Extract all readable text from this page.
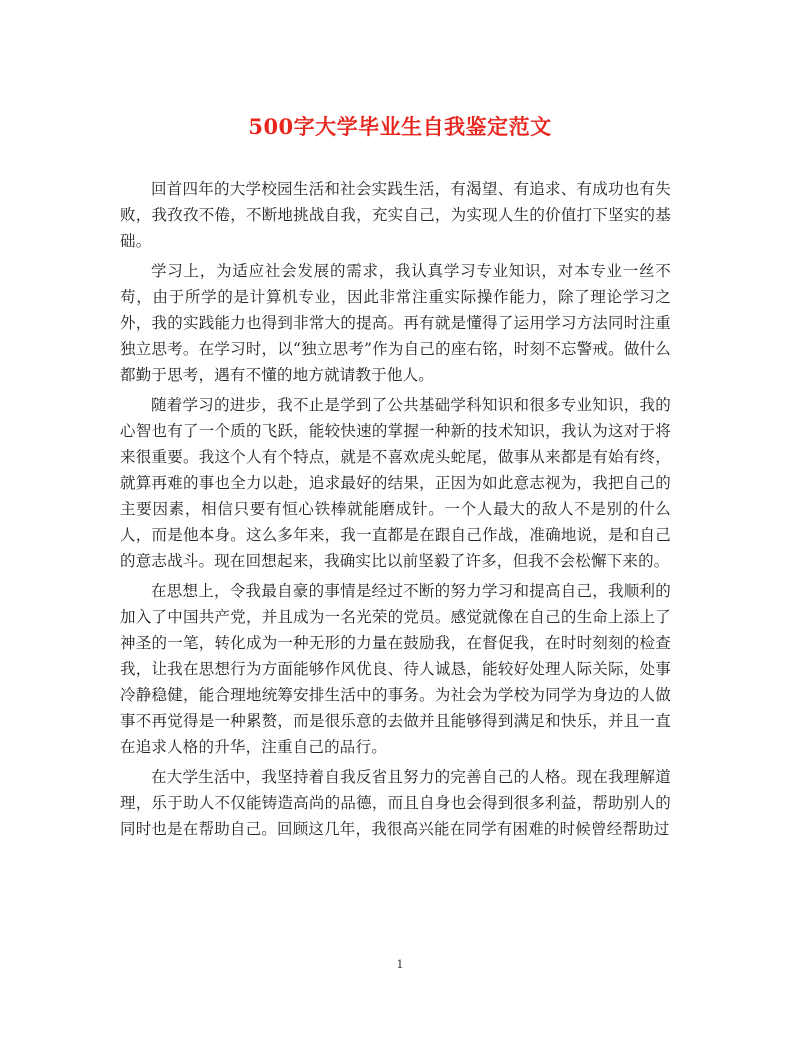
500字大学毕业生自我鉴定范文

回首四年的大学校园生活和社会实践生活，有渴望、有追求、有成功也有失败，我孜孜不倦，不断地挑战自我，充实自己，为实现人生的价值打下坚实的基础。

学习上，为适应社会发展的需求，我认真学习专业知识，对本专业一丝不苟，由于所学的是计算机专业，因此非常注重实际操作能力，除了理论学习之外，我的实践能力也得到非常大的提高。再有就是懂得了运用学习方法同时注重独立思考。在学习时，以“独立思考”作为自己的座右铭，时刻不忘警戒。做什么都勤于思考，遇有不懂的地方就请教于他人。

随着学习的进步，我不止是学到了公共基础学科知识和很多专业知识，我的心智也有了一个质的飞跃，能较快速的掌握一种新的技术知识，我认为这对于将来很重要。我这个人有个特点，就是不喜欢虎头蛇尾，做事从来都是有始有终，就算再难的事也全力以赴，追求最好的结果，正因为如此意志视为，我把自己的主要因素，相信只要有恒心铁棒就能磨成针。一个人最大的敌人不是别的什么人，而是他本身。这么多年来，我一直都是在跟自己作战，准确地说，是和自己的意志战斗。现在回想起来，我确实比以前坚毅了许多，但我不会松懈下来的。

在思想上，令我最自豪的事情是经过不断的努力学习和提高自己，我顺利的加入了中国共产党，并且成为一名光荣的党员。感觉就像在自己的生命上添上了神圣的一笔，转化成为一种无形的力量在鼓励我，在督促我，在时时刻刻的检查我，让我在思想行为方面能够作风优良、待人诚恳，能较好处理人际关际，处事冷静稳健，能合理地统筹安排生活中的事务。为社会为学校为同学为身边的人做事不再觉得是一种累赘，而是很乐意的去做并且能够得到满足和快乐，并且一直在追求人格的升华，注重自己的品行。

在大学生活中，我坚持着自我反省且努力的完善自己的人格。现在我理解道理，乐于助人不仅能铸造高尚的品德，而且自身也会得到很多利益，帮助别人的同时也是在帮助自己。回顾这几年，我很高兴能在同学有困难的时候曾经帮助过

1
